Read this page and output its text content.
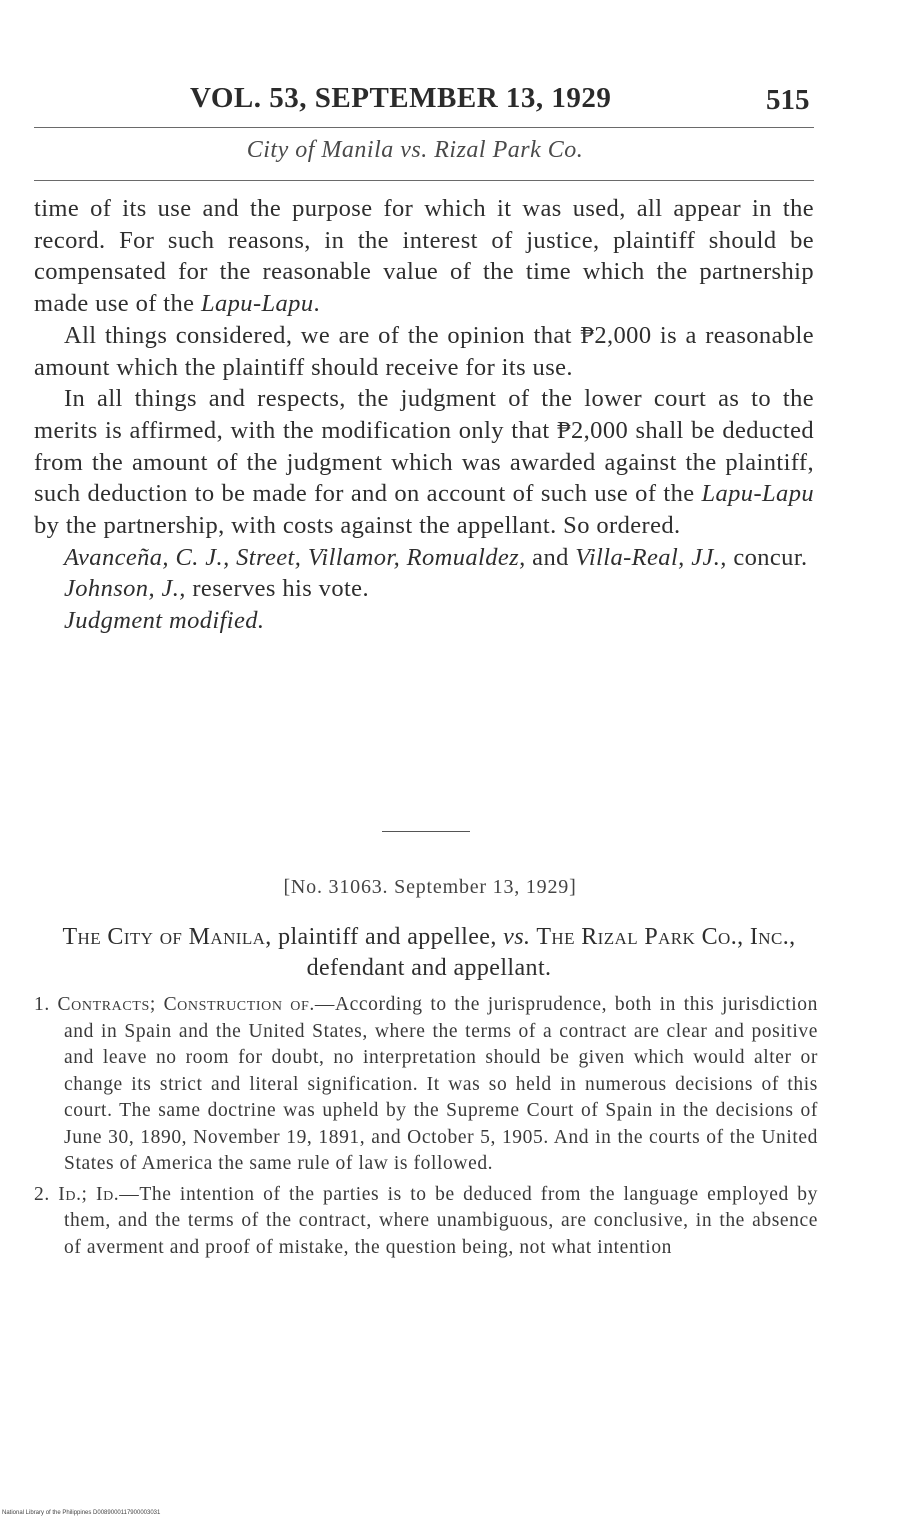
VOL. 53, SEPTEMBER 13, 1929	515
City of Manila vs. Rizal Park Co.

time of its use and the purpose for which it was used, all appear in the record. For such reasons, in the interest of justice, plaintiff should be compensated for the reasonable value of the time which the partnership made use of the Lapu-Lapu.

All things considered, we are of the opinion that ₱2,000 is a reasonable amount which the plaintiff should receive for its use.

In all things and respects, the judgment of the lower court as to the merits is affirmed, with the modification only that ₱2,000 shall be deducted from the amount of the judgment which was awarded against the plaintiff, such deduction to be made for and on account of such use of the Lapu-Lapu by the partnership, with costs against the appellant. So ordered.

Avanceña, C. J., Street, Villamor, Romualdez, and Villa-Real, JJ., concur.

Johnson, J., reserves his vote.

Judgment modified.

[No. 31063. September 13, 1929]
The City of Manila, plaintiff and appellee, vs. The Rizal Park Co., Inc., defendant and appellant.

1. Contracts; Construction of.—According to the jurisprudence, both in this jurisdiction and in Spain and the United States, where the terms of a contract are clear and positive and leave no room for doubt, no interpretation should be given which would alter or change its strict and literal signification. It was so held in numerous decisions of this court. The same doctrine was upheld by the Supreme Court of Spain in the decisions of June 30, 1890, November 19, 1891, and October 5, 1905. And in the courts of the United States of America the same rule of law is followed.

2. Id.; Id.—The intention of the parties is to be deduced from the language employed by them, and the terms of the contract, where unambiguous, are conclusive, in the absence of averment and proof of mistake, the question being, not what intention

National Library of the Philippines D0089000117900003031
